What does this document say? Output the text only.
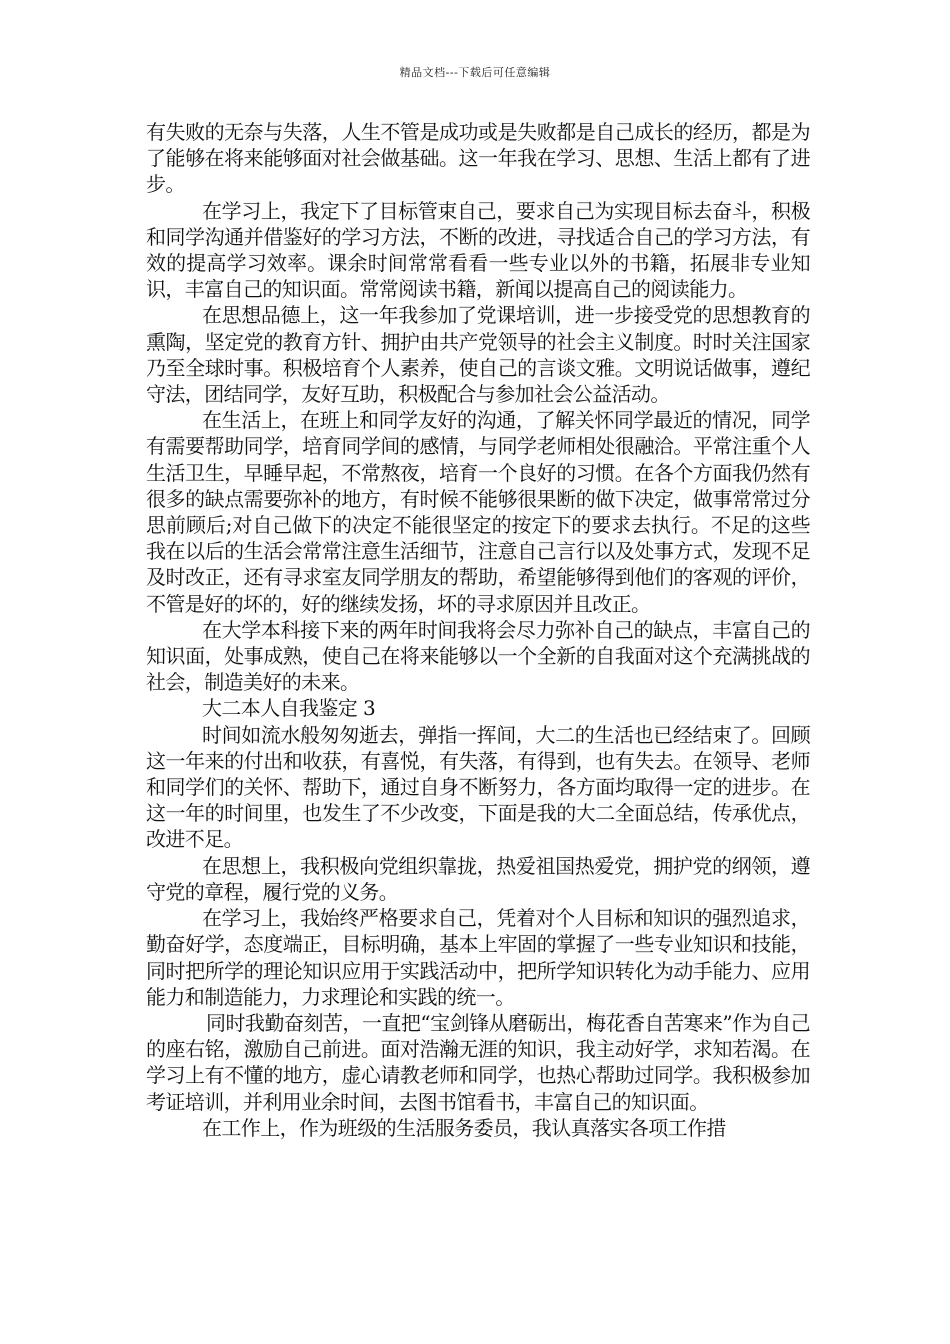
精品文档---下载后可任意编辑

有失败的无奈与失落，人生不管是成功或是失败都是自己成长的经历，都是为了能够在将来能够面对社会做基础。这一年我在学习、思想、生活上都有了进步。

在学习上，我定下了目标管束自己，要求自己为实现目标去奋斗，积极和同学沟通并借鉴好的学习方法，不断的改进，寻找适合自己的学习方法，有效的提高学习效率。课余时间常常看看一些专业以外的书籍，拓展非专业知识，丰富自己的知识面。常常阅读书籍，新闻以提高自己的阅读能力。

在思想品德上，这一年我参加了党课培训，进一步接受党的思想教育的熏陶，坚定党的教育方针、拥护由共产党领导的社会主义制度。时时关注国家乃至全球时事。积极培育个人素养，使自己的言谈文雅。文明说话做事，遵纪守法，团结同学，友好互助，积极配合与参加社会公益活动。

在生活上，在班上和同学友好的沟通，了解关怀同学最近的情况，同学有需要帮助同学，培育同学间的感情，与同学老师相处很融洽。平常注重个人生活卫生，早睡早起，不常熬夜，培育一个良好的习惯。在各个方面我仍然有很多的缺点需要弥补的地方，有时候不能够很果断的做下决定，做事常常过分思前顾后;对自己做下的决定不能很坚定的按定下的要求去执行。不足的这些我在以后的生活会常常注意生活细节，注意自己言行以及处事方式，发现不足及时改正，还有寻求室友同学朋友的帮助，希望能够得到他们的客观的评价，不管是好的坏的，好的继续发扬，坏的寻求原因并且改正。

在大学本科接下来的两年时间我将会尽力弥补自己的缺点，丰富自己的知识面，处事成熟，使自己在将来能够以一个全新的自我面对这个充满挑战的社会，制造美好的未来。

大二本人自我鉴定 3

时间如流水般匆匆逝去，弹指一挥间，大二的生活也已经结束了。回顾这一年来的付出和收获，有喜悦，有失落，有得到，也有失去。在领导、老师和同学们的关怀、帮助下，通过自身不断努力，各方面均取得一定的进步。在这一年的时间里，也发生了不少改变，下面是我的大二全面总结，传承优点，改进不足。

在思想上，我积极向党组织靠拢，热爱祖国热爱党，拥护党的纲领，遵守党的章程，履行党的义务。

在学习上，我始终严格要求自己，凭着对个人目标和知识的强烈追求，勤奋好学，态度端正，目标明确，基本上牢固的掌握了一些专业知识和技能，同时把所学的理论知识应用于实践活动中，把所学知识转化为动手能力、应用能力和制造能力，力求理论和实践的统一。

同时我勤奋刻苦，一直把“宝剑锋从磨砺出，梅花香自苦寒来”作为自己的座右铭，激励自己前进。面对浩瀚无涯的知识，我主动好学，求知若渴。在学习上有不懂的地方，虚心请教老师和同学，也热心帮助过同学。我积极参加考证培训，并利用业余时间，去图书馆看书，丰富自己的知识面。

在工作上，作为班级的生活服务委员，我认真落实各项工作措
